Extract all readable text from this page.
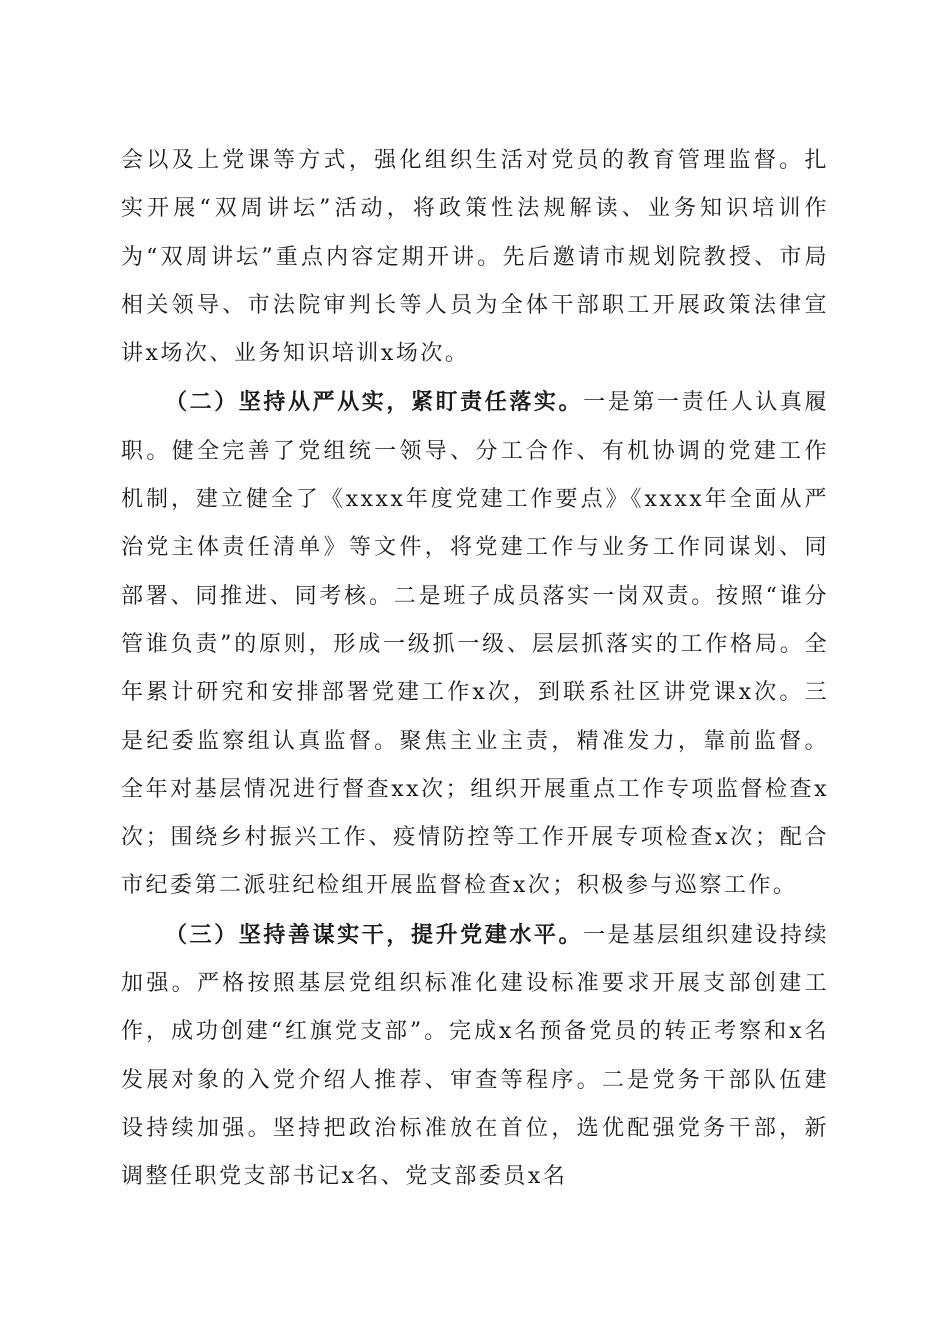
会以及上党课等方式，强化组织生活对党员的教育管理监督。扎实开展“双周讲坛”活动，将政策性法规解读、业务知识培训作为“双周讲坛”重点内容定期开讲。先后邀请市规划院教授、市局相关领导、市法院审判长等人员为全体干部职工开展政策法律宣讲x场次、业务知识培训x场次。

（二）坚持从严从实，紧盯责任落实。一是第一责任人认真履职。健全完善了党组统一领导、分工合作、有机协调的党建工作机制，建立健全了《xxxx年度党建工作要点》《xxxx年全面从严治党主体责任清单》等文件，将党建工作与业务工作同谋划、同部署、同推进、同考核。二是班子成员落实一岗双责。按照“谁分管谁负责”的原则，形成一级抓一级、层层抓落实的工作格局。全年累计研究和安排部署党建工作x次，到联系社区讲党课x次。三是纪委监察组认真监督。聚焦主业主责，精准发力，靠前监督。全年对基层情况进行督查xx次；组织开展重点工作专项监督检查x次；围绕乡村振兴工作、疫情防控等工作开展专项检查x次；配合市纪委第二派驻纪检组开展监督检查x次；积极参与巡察工作。

（三）坚持善谋实干，提升党建水平。一是基层组织建设持续加强。严格按照基层党组织标准化建设标准要求开展支部创建工作，成功创建“红旗党支部”。完成x名预备党员的转正考察和x名发展对象的入党介绍人推荐、审查等程序。二是党务干部队伍建设持续加强。坚持把政治标准放在首位，选优配强党务干部，新调整任职党支部书记x名、党支部委员x名
